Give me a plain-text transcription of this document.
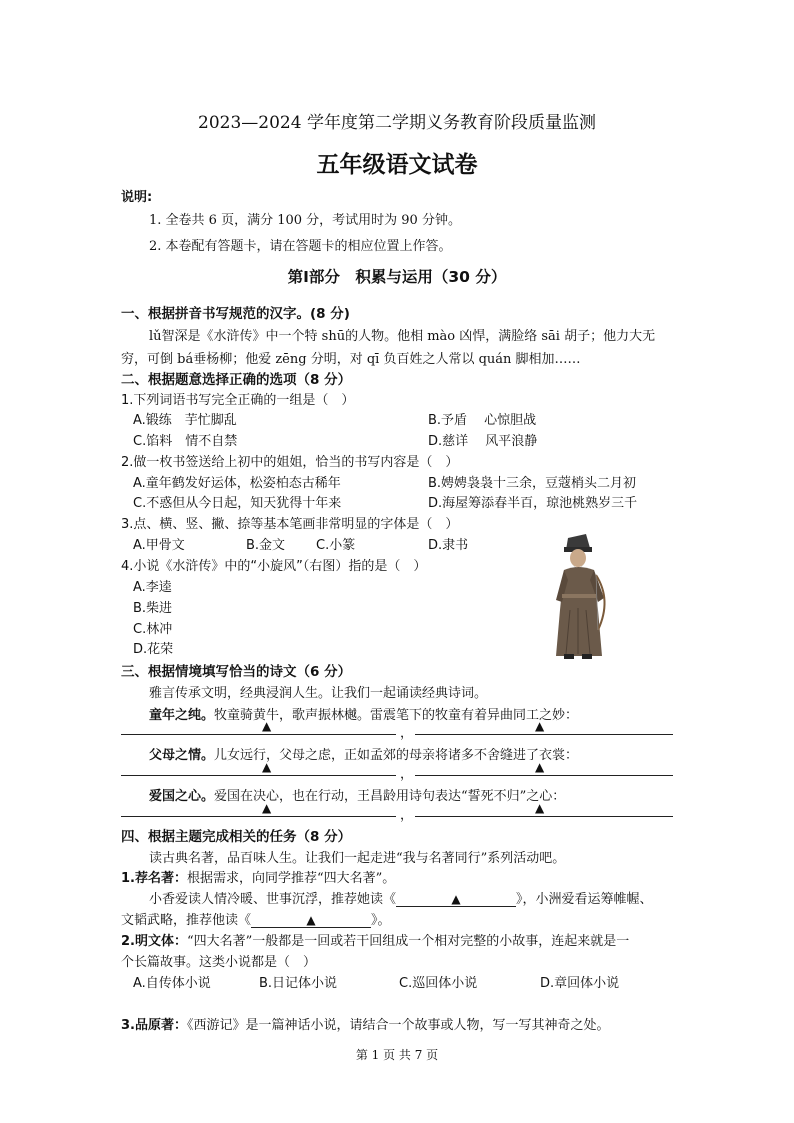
2023—2024 学年度第二学期义务教育阶段质量监测
五年级语文试卷
说明:
1. 全卷共 6 页，满分 100 分，考试用时为 90 分钟。
2. 本卷配有答题卡，请在答题卡的相应位置上作答。
第Ⅰ部分　积累与运用（30 分）
一、根据拼音书写规范的汉字。(8 分)
lǔ智深是《水浒传》中一个特 shū的人物。他相 mào 凶悍，满脸络 sāi 胡子；他力大无
穷，可倒 bá垂杨柳；他爱 zēng 分明，对 qī 负百姓之人常以 quán 脚相加……
二、根据题意选择正确的选项（8 分）
1.下列词语书写完全正确的一组是（　）
A.锻练　芋忙脚乱	B.予盾　 心惊胆战
C.馅料　情不自禁	D.慈详　 风平浪静
2.做一枚书签送给上初中的姐姐，恰当的书写内容是（　）
A.童年鹤发好运体，松姿柏态古稀年	B.娉娉袅袅十三余，豆蔻梢头二月初
C.不惑但从今日起，知天犹得十年来	D.海屋筹添春半百，琼池桃熟岁三千
3.点、横、竖、撇、捺等基本笔画非常明显的字体是（　）
A.甲骨文	B.金文 C.小篆	D.隶书
4.小说《水浒传》中的“小旋风”（右图）指的是（　）
A.李逵
B.柴进
C.林冲
D.花荣
三、根据情境填写恰当的诗文（6 分）
雅言传承文明，经典浸润人生。让我们一起诵读经典诗词。
童年之纯。牧童骑黄牛，歌声振林樾。雷震笔下的牧童有着异曲同工之妙：
▲	，	▲
父母之情。儿女远行，父母之虑，正如孟郊的母亲将诸多不舍缝进了衣裳：
▲	，	▲
爱国之心。爱国在决心，也在行动，王昌龄用诗句表达“誓死不归”之心：
▲	，	▲
四、根据主题完成相关的任务（8 分）
读古典名著，品百味人生。让我们一起走进“我与名著同行”系列活动吧。
1.荐名著：根据需求，向同学推荐“四大名著”。
小香爱读人情冷暖、世事沉浮，推荐她读《	▲	》，小洲爱看运筹帷幄、
文韬武略，推荐他读《	▲	》。
2.明文体：“四大名著”一般都是一回或若干回组成一个相对完整的小故事，连起来就是一
个长篇故事。这类小说都是（　）
A.自传体小说	B.日记体小说	C.巡回体小说	D.章回体小说
3.品原著：《西游记》是一篇神话小说，请结合一个故事或人物，写一写其神奇之处。
第 1 页 共 7 页
